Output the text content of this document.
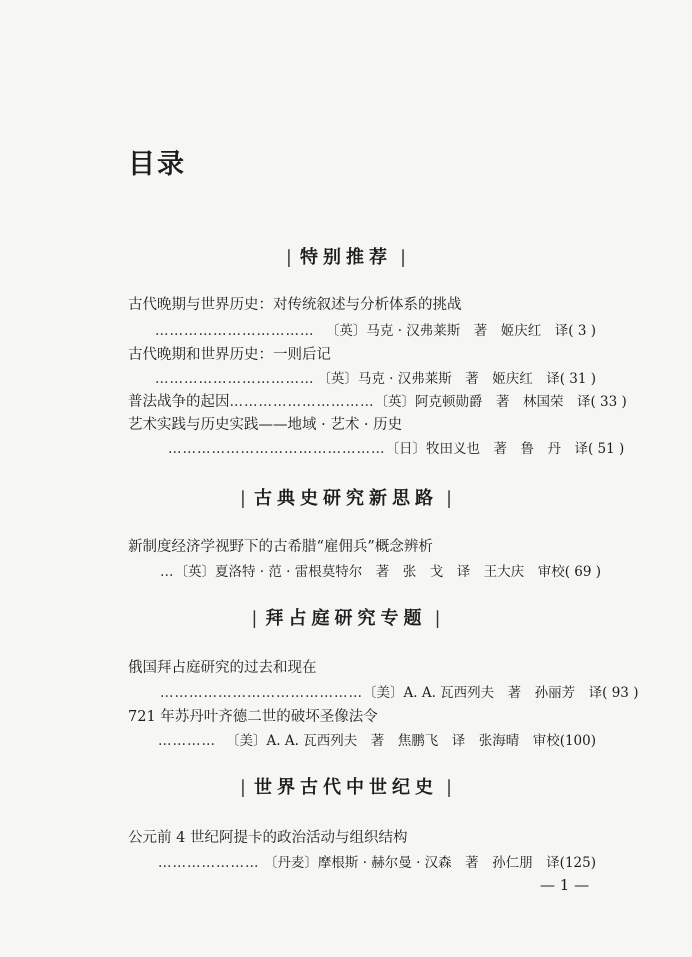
目录
| 特别推荐 |
古代晚期与世界历史：对传统叙述与分析体系的挑战
…………………………… 〔英〕马克 · 汉弗莱斯　著　姬庆红　译( 3 )
古代晚期和世界历史：一则后记
…………………………… 〔英〕马克 · 汉弗莱斯　著　姬庆红　译( 31 )
普法战争的起因 ………………………… 〔英〕阿克顿勋爵　著　林国荣　译( 33 )
艺术实践与历史实践——地域 · 艺术 · 历史
……………………………………… 〔日〕牧田义也　著　鲁　丹　译( 51 )
| 古典史研究新思路 |
新制度经济学视野下的古希腊“雇佣兵”概念辨析
… 〔英〕夏洛特 · 范 · 雷根莫特尔　著　张　戈　译　王大庆　审校( 69 )
| 拜占庭研究专题 |
俄国拜占庭研究的过去和现在
…………………………………… 〔美〕A. A. 瓦西列夫　著　孙丽芳　译( 93 )
721 年苏丹叶齐德二世的破坏圣像法令
………… 〔美〕A. A. 瓦西列夫　著　焦鹏飞　译　张海晴　审校(100)
| 世界古代中世纪史 |
公元前 4 世纪阿提卡的政治活动与组织结构
………………… 〔丹麦〕摩根斯 · 赫尔曼 · 汉森　著　孙仁朋　译(125)
— 1 —
